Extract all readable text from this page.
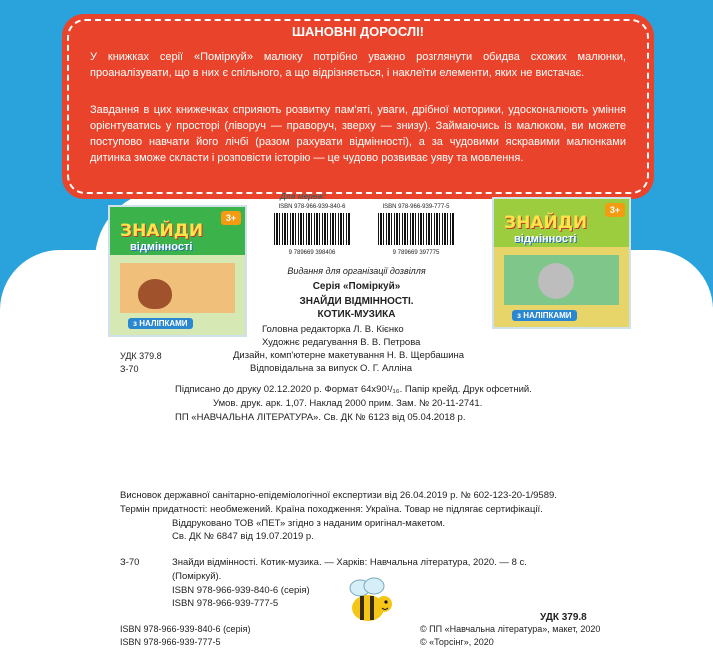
ШАНОВНІ ДОРОСЛІ!
У книжках серії «Поміркуй» малюку потрібно уважно розглянути обидва схожих малюнки, проаналізувати, що в них є спільного, а що відрізняється, і наклеїти елементи, яких не вистачає.
Завдання в цих книжечках сприяють розвитку пам'яті, уваги, дрібної моторики, удосконалюють уміння орієнтуватись у просторі (ліворуч — праворуч, зверху — знизу). Займаючись із малюком, ви можете поступово навчати його лічбі (разом рахувати відмінності), а за чудовими яскравими малюнками дитинка зможе скласти і розповісти історію — це чудово розвиває уяву та мовлення.
ЗНАЙДИ
відмінності
3+
з НАЛІПКАМИ
ЗНАЙДИ
відмінності
3+
з НАЛІПКАМИ
Для мереж:
ISBN 978-966-939-840-6
9 789669 398406
ISBN 978-966-939-777-5
9 789669 397775
Видання для організації дозвілля
Серія «Поміркуй»
ЗНАЙДИ ВІДМІННОСТІ.
КОТИК-МУЗИКА
Головна редакторка Л. В. Кієнко
Художнє редагування В. В. Петрова
Дизайн, комп'ютерне макетування Н. В. Щербашина
Відповідальна за випуск О. Г. Алліна
УДК 379.8
З-70
Підписано до друку 02.12.2020 р. Формат 64x90¹/₁₆. Папір крейд. Друк офсетний.
Умов. друк. арк. 1,07. Наклад 2000 прим. Зам. № 20-11-2741.
ПП «НАВЧАЛЬНА ЛІТЕРАТУРА». Св. ДК № 6123 від 05.04.2018 р.
Висновок державної санітарно-епідеміологічної експертизи від 26.04.2019 р. № 602-123-20-1/9589.
Термін придатності: необмежений. Країна походження: Україна. Товар не підлягає сертифікації.
Віддруковано ТОВ «ПЕТ» згідно з наданим оригінал-макетом.
Св. ДК № 6847 від 19.07.2019 р.
З-70	Знайди відмінності. Котик-музика. — Харків: Навчальна література, 2020. — 8 с.
(Поміркуй).
ISBN 978-966-939-840-6 (серія)
ISBN 978-966-939-777-5
УДК 379.8
ISBN 978-966-939-840-6 (серія)
ISBN 978-966-939-777-5
© ПП «Навчальна література», макет, 2020
© «Торсінг», 2020
